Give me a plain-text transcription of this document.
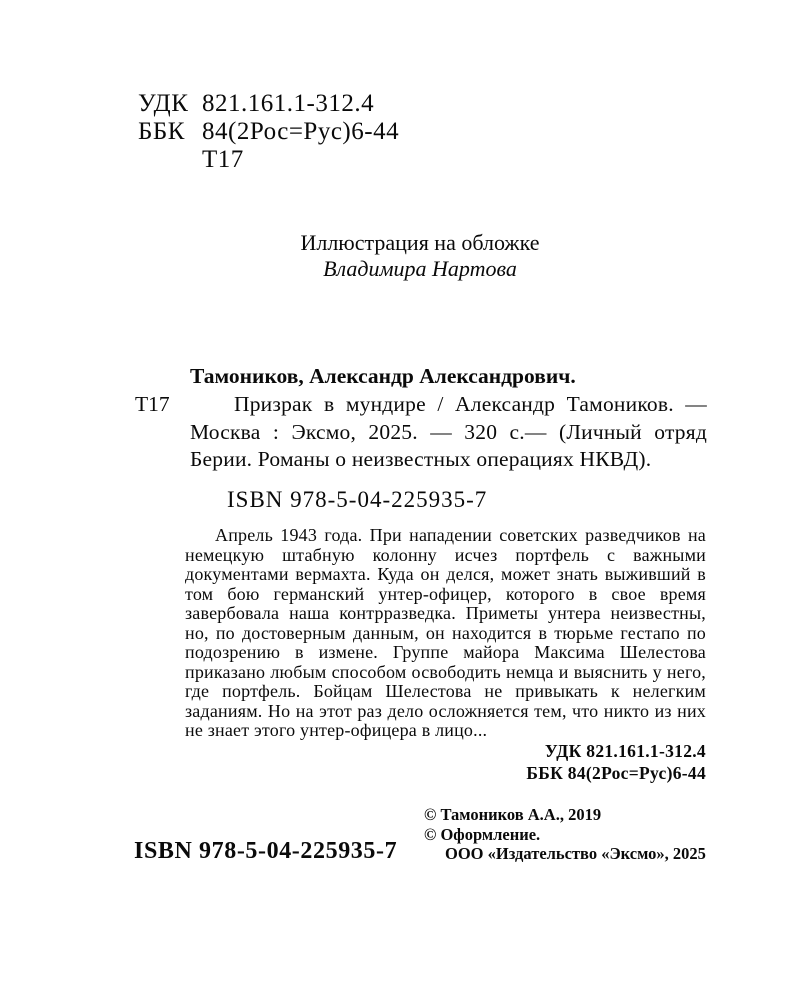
УДК 821.161.1-312.4
ББК 84(2Рос=Рус)6-44
Т17
Иллюстрация на обложке
Владимира Нартова
Тамоников, Александр Александрович.
Т17	Призрак в мундире / Александр Тамоников. — Москва : Эксмо, 2025. — 320 с.— (Личный отряд Берии. Романы о неизвестных операциях НКВД).

ISBN 978-5-04-225935-7

Апрель 1943 года. При нападении советских разведчиков на немецкую штабную колонну исчез портфель с важными документами вермахта. Куда он делся, может знать выживший в том бою германский унтер-офицер, которого в свое время завербовала наша контрразведка. Приметы унтера неизвестны, но, по достоверным данным, он находится в тюрьме гестапо по подозрению в измене. Группе майора Максима Шелестова приказано любым способом освободить немца и выяснить у него, где портфель. Бойцам Шелестова не привыкать к нелегким заданиям. Но на этот раз дело осложняется тем, что никто из них не знает этого унтер-офицера в лицо...

УДК 821.161.1-312.4
ББК 84(2Рос=Рус)6-44
© Тамоников А.А., 2019
© Оформление.
ООО «Издательство «Эксмо», 2025
ISBN 978-5-04-225935-7
